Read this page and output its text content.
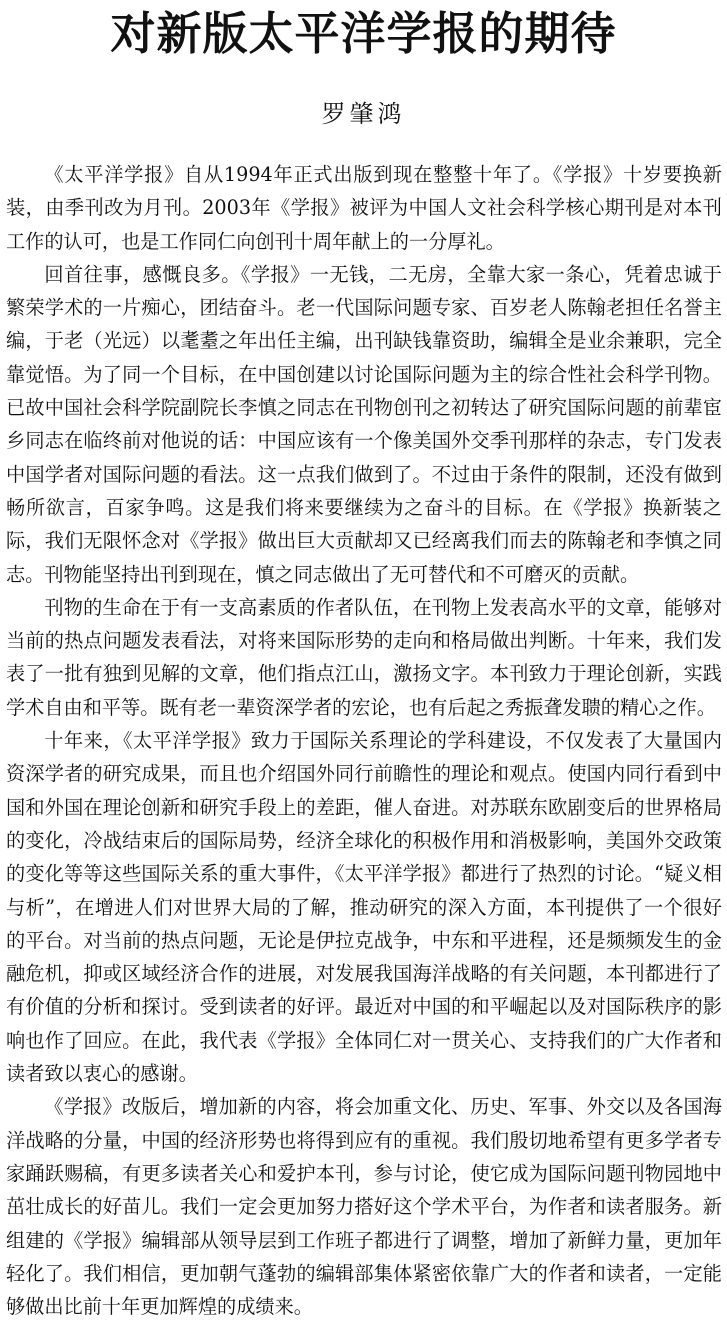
对新版太平洋学报的期待
罗肇鸿

《太平洋学报》自从1994年正式出版到现在整整十年了。《学报》十岁要换新装，由季刊改为月刊。2003年《学报》被评为中国人文社会科学核心期刊是对本刊工作的认可，也是工作同仁向创刊十周年献上的一分厚礼。

回首往事，感慨良多。《学报》一无钱，二无房，全靠大家一条心，凭着忠诚于繁荣学术的一片痴心，团结奋斗。老一代国际问题专家、百岁老人陈翰老担任名誉主编，于老（光远）以耄耋之年出任主编，出刊缺钱靠资助，编辑全是业余兼职，完全靠觉悟。为了同一个目标，在中国创建以讨论国际问题为主的综合性社会科学刊物。已故中国社会科学院副院长李慎之同志在刊物创刊之初转达了研究国际问题的前辈宦乡同志在临终前对他说的话：中国应该有一个像美国外交季刊那样的杂志，专门发表中国学者对国际问题的看法。这一点我们做到了。不过由于条件的限制，还没有做到畅所欲言，百家争鸣。这是我们将来要继续为之奋斗的目标。在《学报》换新装之际，我们无限怀念对《学报》做出巨大贡献却又已经离我们而去的陈翰老和李慎之同志。刊物能坚持出刊到现在，慎之同志做出了无可替代和不可磨灭的贡献。

刊物的生命在于有一支高素质的作者队伍，在刊物上发表高水平的文章，能够对当前的热点问题发表看法，对将来国际形势的走向和格局做出判断。十年来，我们发表了一批有独到见解的文章，他们指点江山，激扬文字。本刊致力于理论创新，实践学术自由和平等。既有老一辈资深学者的宏论，也有后起之秀振聋发聩的精心之作。

十年来，《太平洋学报》致力于国际关系理论的学科建设，不仅发表了大量国内资深学者的研究成果，而且也介绍国外同行前瞻性的理论和观点。使国内同行看到中国和外国在理论创新和研究手段上的差距，催人奋进。对苏联东欧剧变后的世界格局的变化，冷战结束后的国际局势，经济全球化的积极作用和消极影响，美国外交政策的变化等等这些国际关系的重大事件，《太平洋学报》都进行了热烈的讨论。“疑义相与析”，在增进人们对世界大局的了解，推动研究的深入方面，本刊提供了一个很好的平台。对当前的热点问题，无论是伊拉克战争，中东和平进程，还是频频发生的金融危机，抑或区域经济合作的进展，对发展我国海洋战略的有关问题，本刊都进行了有价值的分析和探讨。受到读者的好评。最近对中国的和平崛起以及对国际秩序的影响也作了回应。在此，我代表《学报》全体同仁对一贯关心、支持我们的广大作者和读者致以衷心的感谢。

《学报》改版后，增加新的内容，将会加重文化、历史、军事、外交以及各国海洋战略的分量，中国的经济形势也将得到应有的重视。我们殷切地希望有更多学者专家踊跃赐稿，有更多读者关心和爱护本刊，参与讨论，使它成为国际问题刊物园地中茁壮成长的好苗儿。我们一定会更加努力搭好这个学术平台，为作者和读者服务。新组建的《学报》编辑部从领导层到工作班子都进行了调整，增加了新鲜力量，更加年轻化了。我们相信，更加朝气蓬勃的编辑部集体紧密依靠广大的作者和读者，一定能够做出比前十年更加辉煌的成绩来。
